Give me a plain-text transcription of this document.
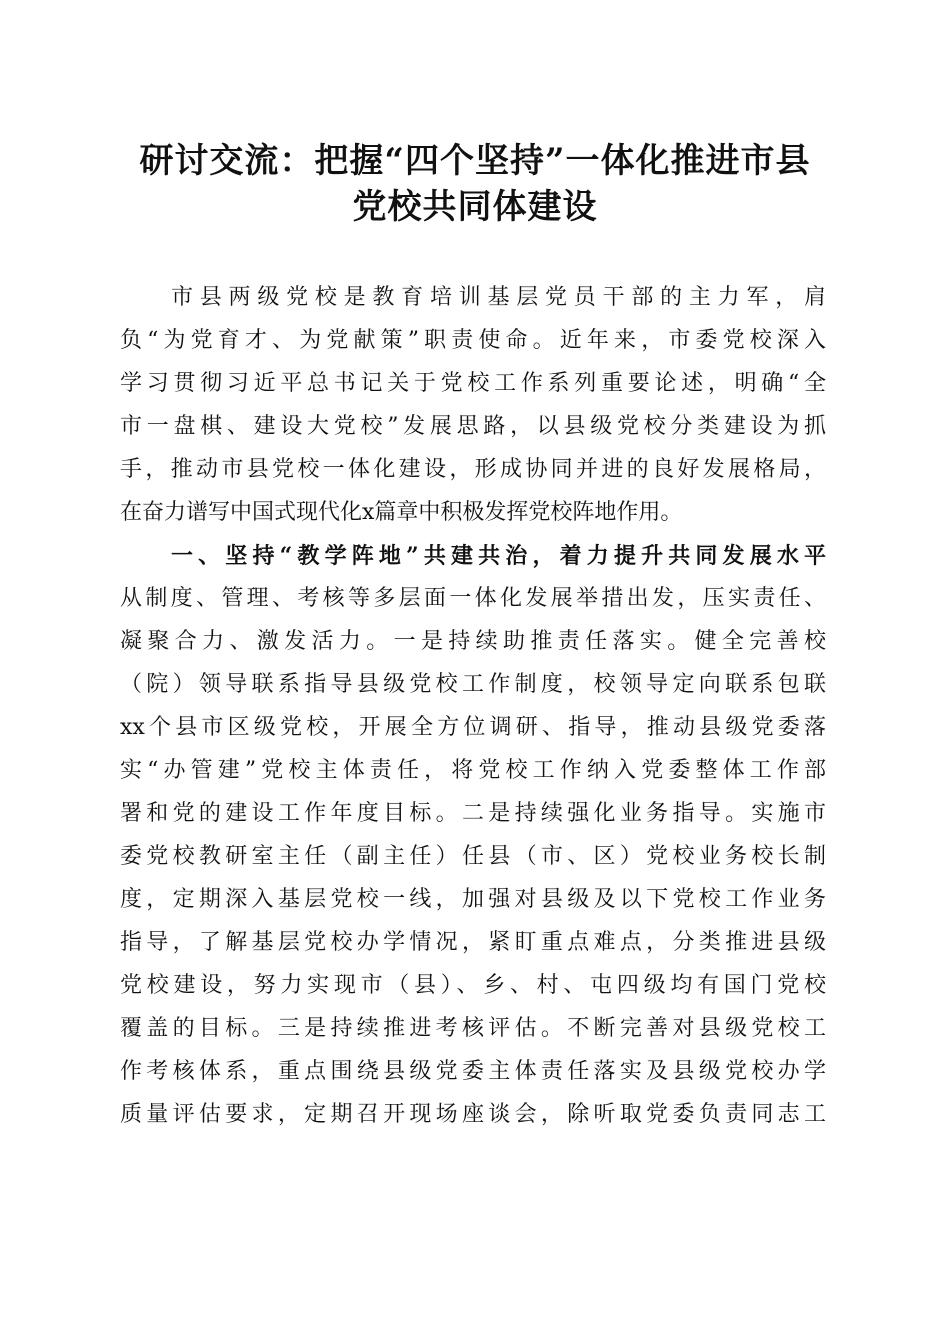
研讨交流：把握“四个坚持”一体化推进市县
党校共同体建设

市县两级党校是教育培训基层党员干部的主力军，肩

负“为党育才、为党献策”职责使命。近年来，市委党校深入

学习贯彻习近平总书记关于党校工作系列重要论述，明确“全

市一盘棋、建设大党校”发展思路，以县级党校分类建设为抓

手，推动市县党校一体化建设，形成协同并进的良好发展格局，

在奋力谱写中国式现代化x篇章中积极发挥党校阵地作用。

一、坚持“教学阵地”共建共治，着力提升共同发展水平

从制度、管理、考核等多层面一体化发展举措出发，压实责任、

凝聚合力、激发活力。一是持续助推责任落实。健全完善校

（院）领导联系指导县级党校工作制度，校领导定向联系包联

xx个县市区级党校，开展全方位调研、指导，推动县级党委落

实“办管建”党校主体责任，将党校工作纳入党委整体工作部

署和党的建设工作年度目标。二是持续强化业务指导。实施市

委党校教研室主任（副主任）任县（市、区）党校业务校长制

度，定期深入基层党校一线，加强对县级及以下党校工作业务

指导，了解基层党校办学情况，紧盯重点难点，分类推进县级

党校建设，努力实现市（县）、乡、村、屯四级均有国门党校

覆盖的目标。三是持续推进考核评估。不断完善对县级党校工

作考核体系，重点围绕县级党委主体责任落实及县级党校办学

质量评估要求，定期召开现场座谈会，除听取党委负责同志工
